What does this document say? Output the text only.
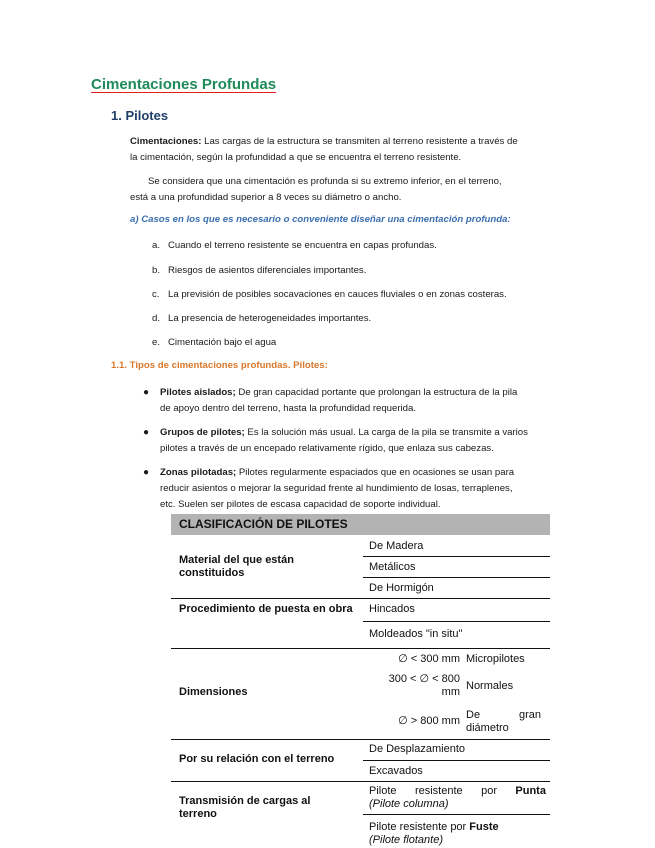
Cimentaciones Profundas
1. Pilotes
Cimentaciones: Las cargas de la estructura se transmiten al terreno resistente a través de
la cimentación, según la profundidad a que se encuentra el terreno resistente.
Se considera que una cimentación es profunda si su extremo inferior, en el terreno,
está a una profundidad superior a 8 veces su diámetro o ancho.
a) Casos en los que es necesario o conveniente diseñar una cimentación profunda:
a. Cuando el terreno resistente se encuentra en capas profundas.
b. Riesgos de asientos diferenciales importantes.
c. La previsión de posibles socavaciones en cauces fluviales o en zonas costeras.
d. La presencia de heterogeneidades importantes.
e. Cimentación bajo el agua
1.1. Tipos de cimentaciones profundas. Pilotes:
● Pilotes aislados; De gran capacidad portante que prolongan la estructura de la pila
de apoyo dentro del terreno, hasta la profundidad requerida.
● Grupos de pilotes; Es la solución más usual. La carga de la pila se transmite a varios
pilotes a través de un encepado relativamente rígido, que enlaza sus cabezas.
● Zonas pilotadas; Pilotes regularmente espaciados que en ocasiones se usan para
reducir asientos o mejorar la seguridad frente al hundimiento de losas, terraplenes,
etc. Suelen ser pilotes de escasa capacidad de soporte individual.
CLASIFICACIÓN DE PILOTES
Material del que están constituidos
De Madera
Metálicos
De Hormigón
Procedimiento de puesta en obra	Hincados
Moldeados "in situ"
Dimensiones
∅ < 300 mm Micropilotes
300 < ∅ < 800
mm Normales
∅ > 800 mm De	gran
diámetro
Por su relación con el terreno
De Desplazamiento
Excavados
Transmisión de cargas al terreno
Pilote resistente por Punta
(Pilote columna)
Pilote resistente por Fuste
(Pilote flotante)
